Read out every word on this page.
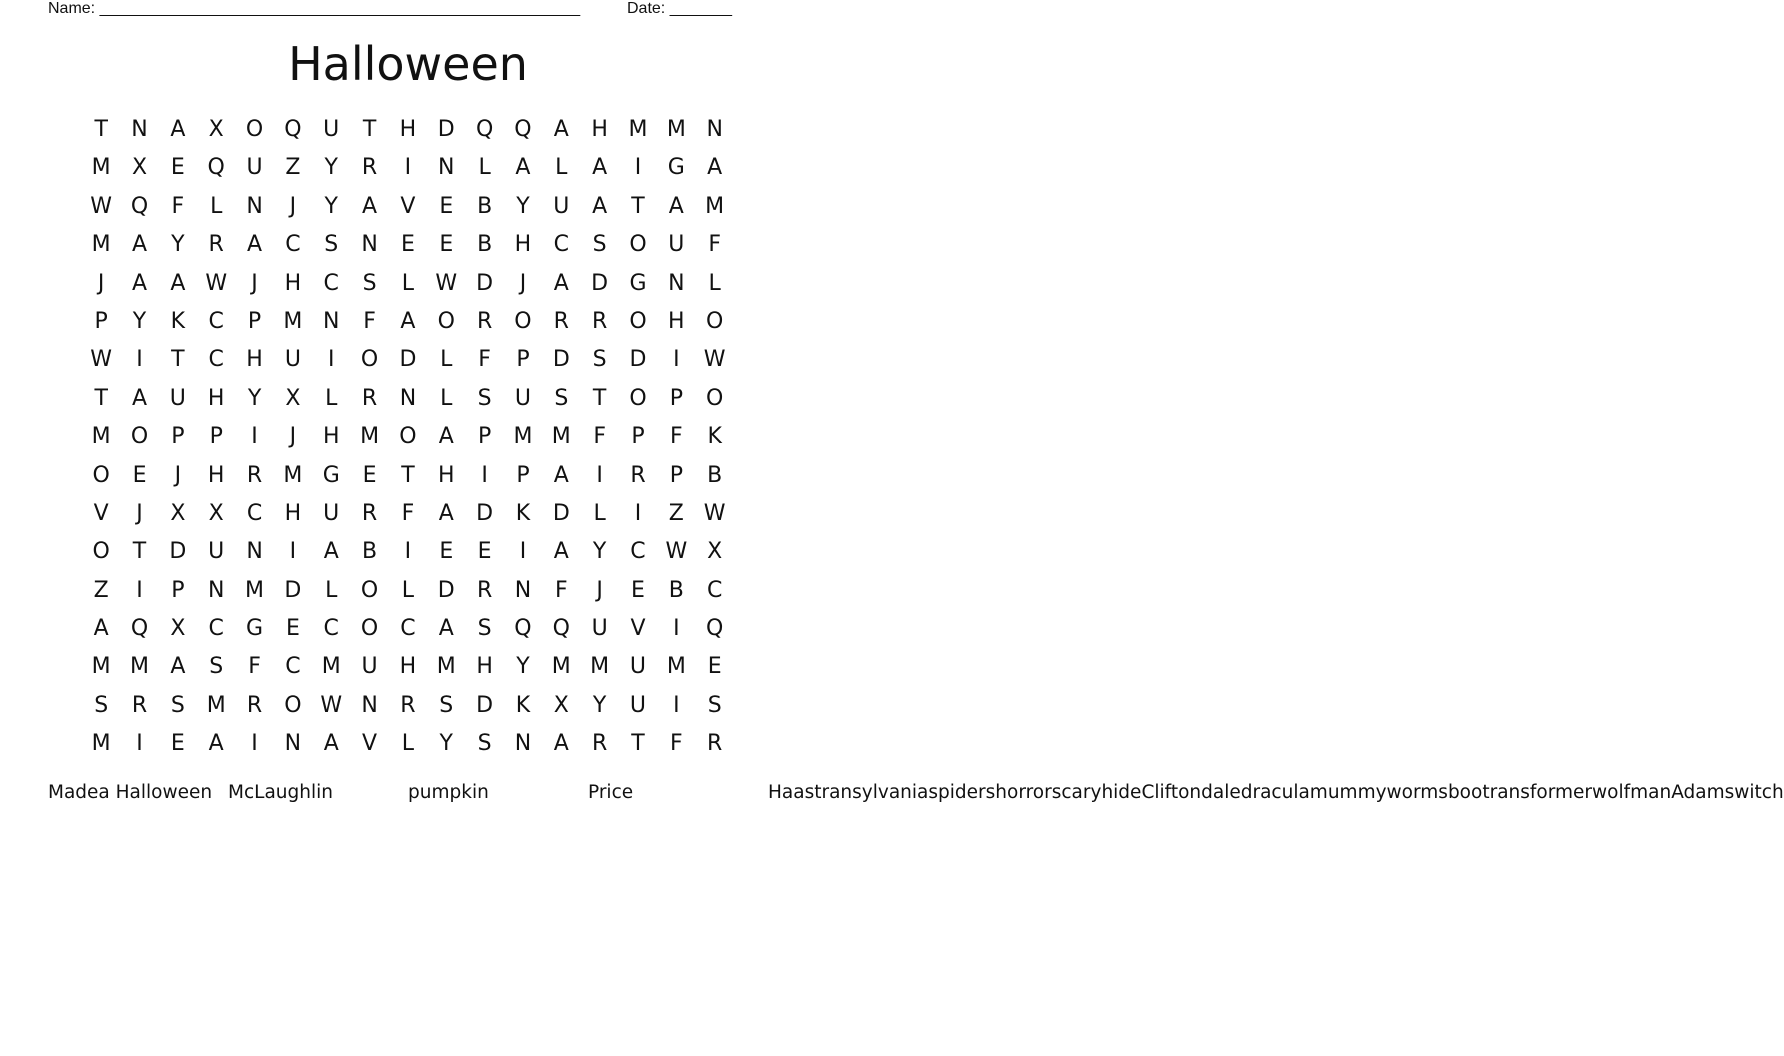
Name: ______________________________________________________	Date: _______
Halloween
T	N	A	X	O Q U	T	H D Q Q	A	H M M N
M X	E	Q U	Z	Y	R	I	N	L	A	L	A	I	G	A
W Q	F	L	N	J	Y	A	V	E	B	Y	U	A	T	A M
M A	Y	R	A	C	S	N	E	E	B	H	C	S	O U	F
J	A	A W	J	H	C	S	L W D	J	A	D G N	L
P	Y	K	C	P	M N	F	A	O	R	O	R	R	O H O
W	I	T	C	H	U	I	O D	L	F	P	D	S	D	I	W
T	A	U	H	Y	X	L	R	N	L	S	U	S	T	O	P	O
M O	P	P	I	J	H M O	A	P	M M	F	P	F	K
O	E	J	H	R M G	E	T	H	I	P	A	I	R	P	B
V	J	X	X	C	H	U	R	F	A	D	K	D	L	I	Z W
O	T	D U	N	I	A	B	I	E	E	I	A	Y	C W X
Z	I	P	N M D	L	O	L	D	R	N	F	J	E	B	C
A	Q	X	C	G	E	C O	C	A	S	Q Q U	V	I	Q
M M A	S	F	C M U	H M H	Y	M M U M E
S	R	S M R	O W N	R	S	D	K	X	Y	U	I	S
M	I	E	A	I	N	A	V	L	Y	S	N	A	R	T	F	R
Madea Halloween McLaughlin	pumpkin	Price	Haas transylvania spiders horror scary hide Cliftondale dracula mummy worms boo transformer wolfman Adams witch
